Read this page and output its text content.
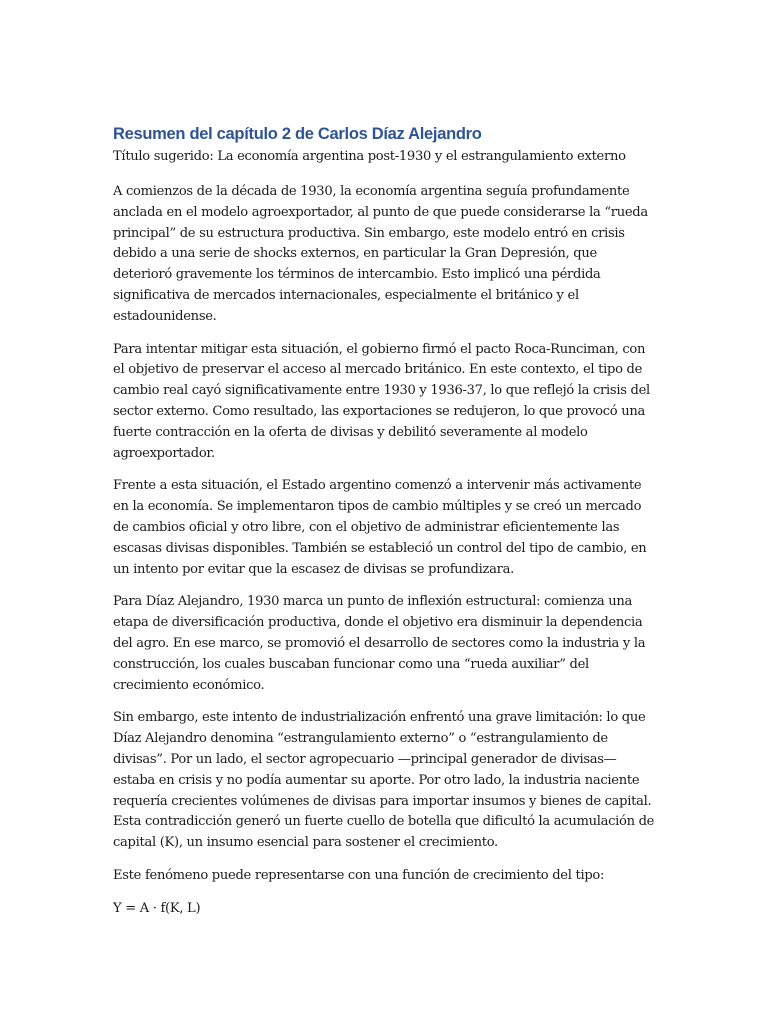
Resumen del capítulo 2 de Carlos Díaz Alejandro

Título sugerido: La economía argentina post-1930 y el estrangulamiento externo

A comienzos de la década de 1930, la economía argentina seguía profundamente
anclada en el modelo agroexportador, al punto de que puede considerarse la “rueda
principal” de su estructura productiva. Sin embargo, este modelo entró en crisis
debido a una serie de shocks externos, en particular la Gran Depresión, que
deterioró gravemente los términos de intercambio. Esto implicó una pérdida
significativa de mercados internacionales, especialmente el británico y el
estadounidense.

Para intentar mitigar esta situación, el gobierno firmó el pacto Roca-Runciman, con
el objetivo de preservar el acceso al mercado británico. En este contexto, el tipo de
cambio real cayó significativamente entre 1930 y 1936-37, lo que reflejó la crisis del
sector externo. Como resultado, las exportaciones se redujeron, lo que provocó una
fuerte contracción en la oferta de divisas y debilitó severamente al modelo
agroexportador.

Frente a esta situación, el Estado argentino comenzó a intervenir más activamente
en la economía. Se implementaron tipos de cambio múltiples y se creó un mercado
de cambios oficial y otro libre, con el objetivo de administrar eficientemente las
escasas divisas disponibles. También se estableció un control del tipo de cambio, en
un intento por evitar que la escasez de divisas se profundizara.

Para Díaz Alejandro, 1930 marca un punto de inflexión estructural: comienza una
etapa de diversificación productiva, donde el objetivo era disminuir la dependencia
del agro. En ese marco, se promovió el desarrollo de sectores como la industria y la
construcción, los cuales buscaban funcionar como una “rueda auxiliar” del
crecimiento económico.

Sin embargo, este intento de industrialización enfrentó una grave limitación: lo que
Díaz Alejandro denomina “estrangulamiento externo” o “estrangulamiento de
divisas”. Por un lado, el sector agropecuario —principal generador de divisas—
estaba en crisis y no podía aumentar su aporte. Por otro lado, la industria naciente
requería crecientes volúmenes de divisas para importar insumos y bienes de capital.
Esta contradicción generó un fuerte cuello de botella que dificultó la acumulación de
capital (K), un insumo esencial para sostener el crecimiento.

Este fenómeno puede representarse con una función de crecimiento del tipo:

Y = A · f(K, L)
